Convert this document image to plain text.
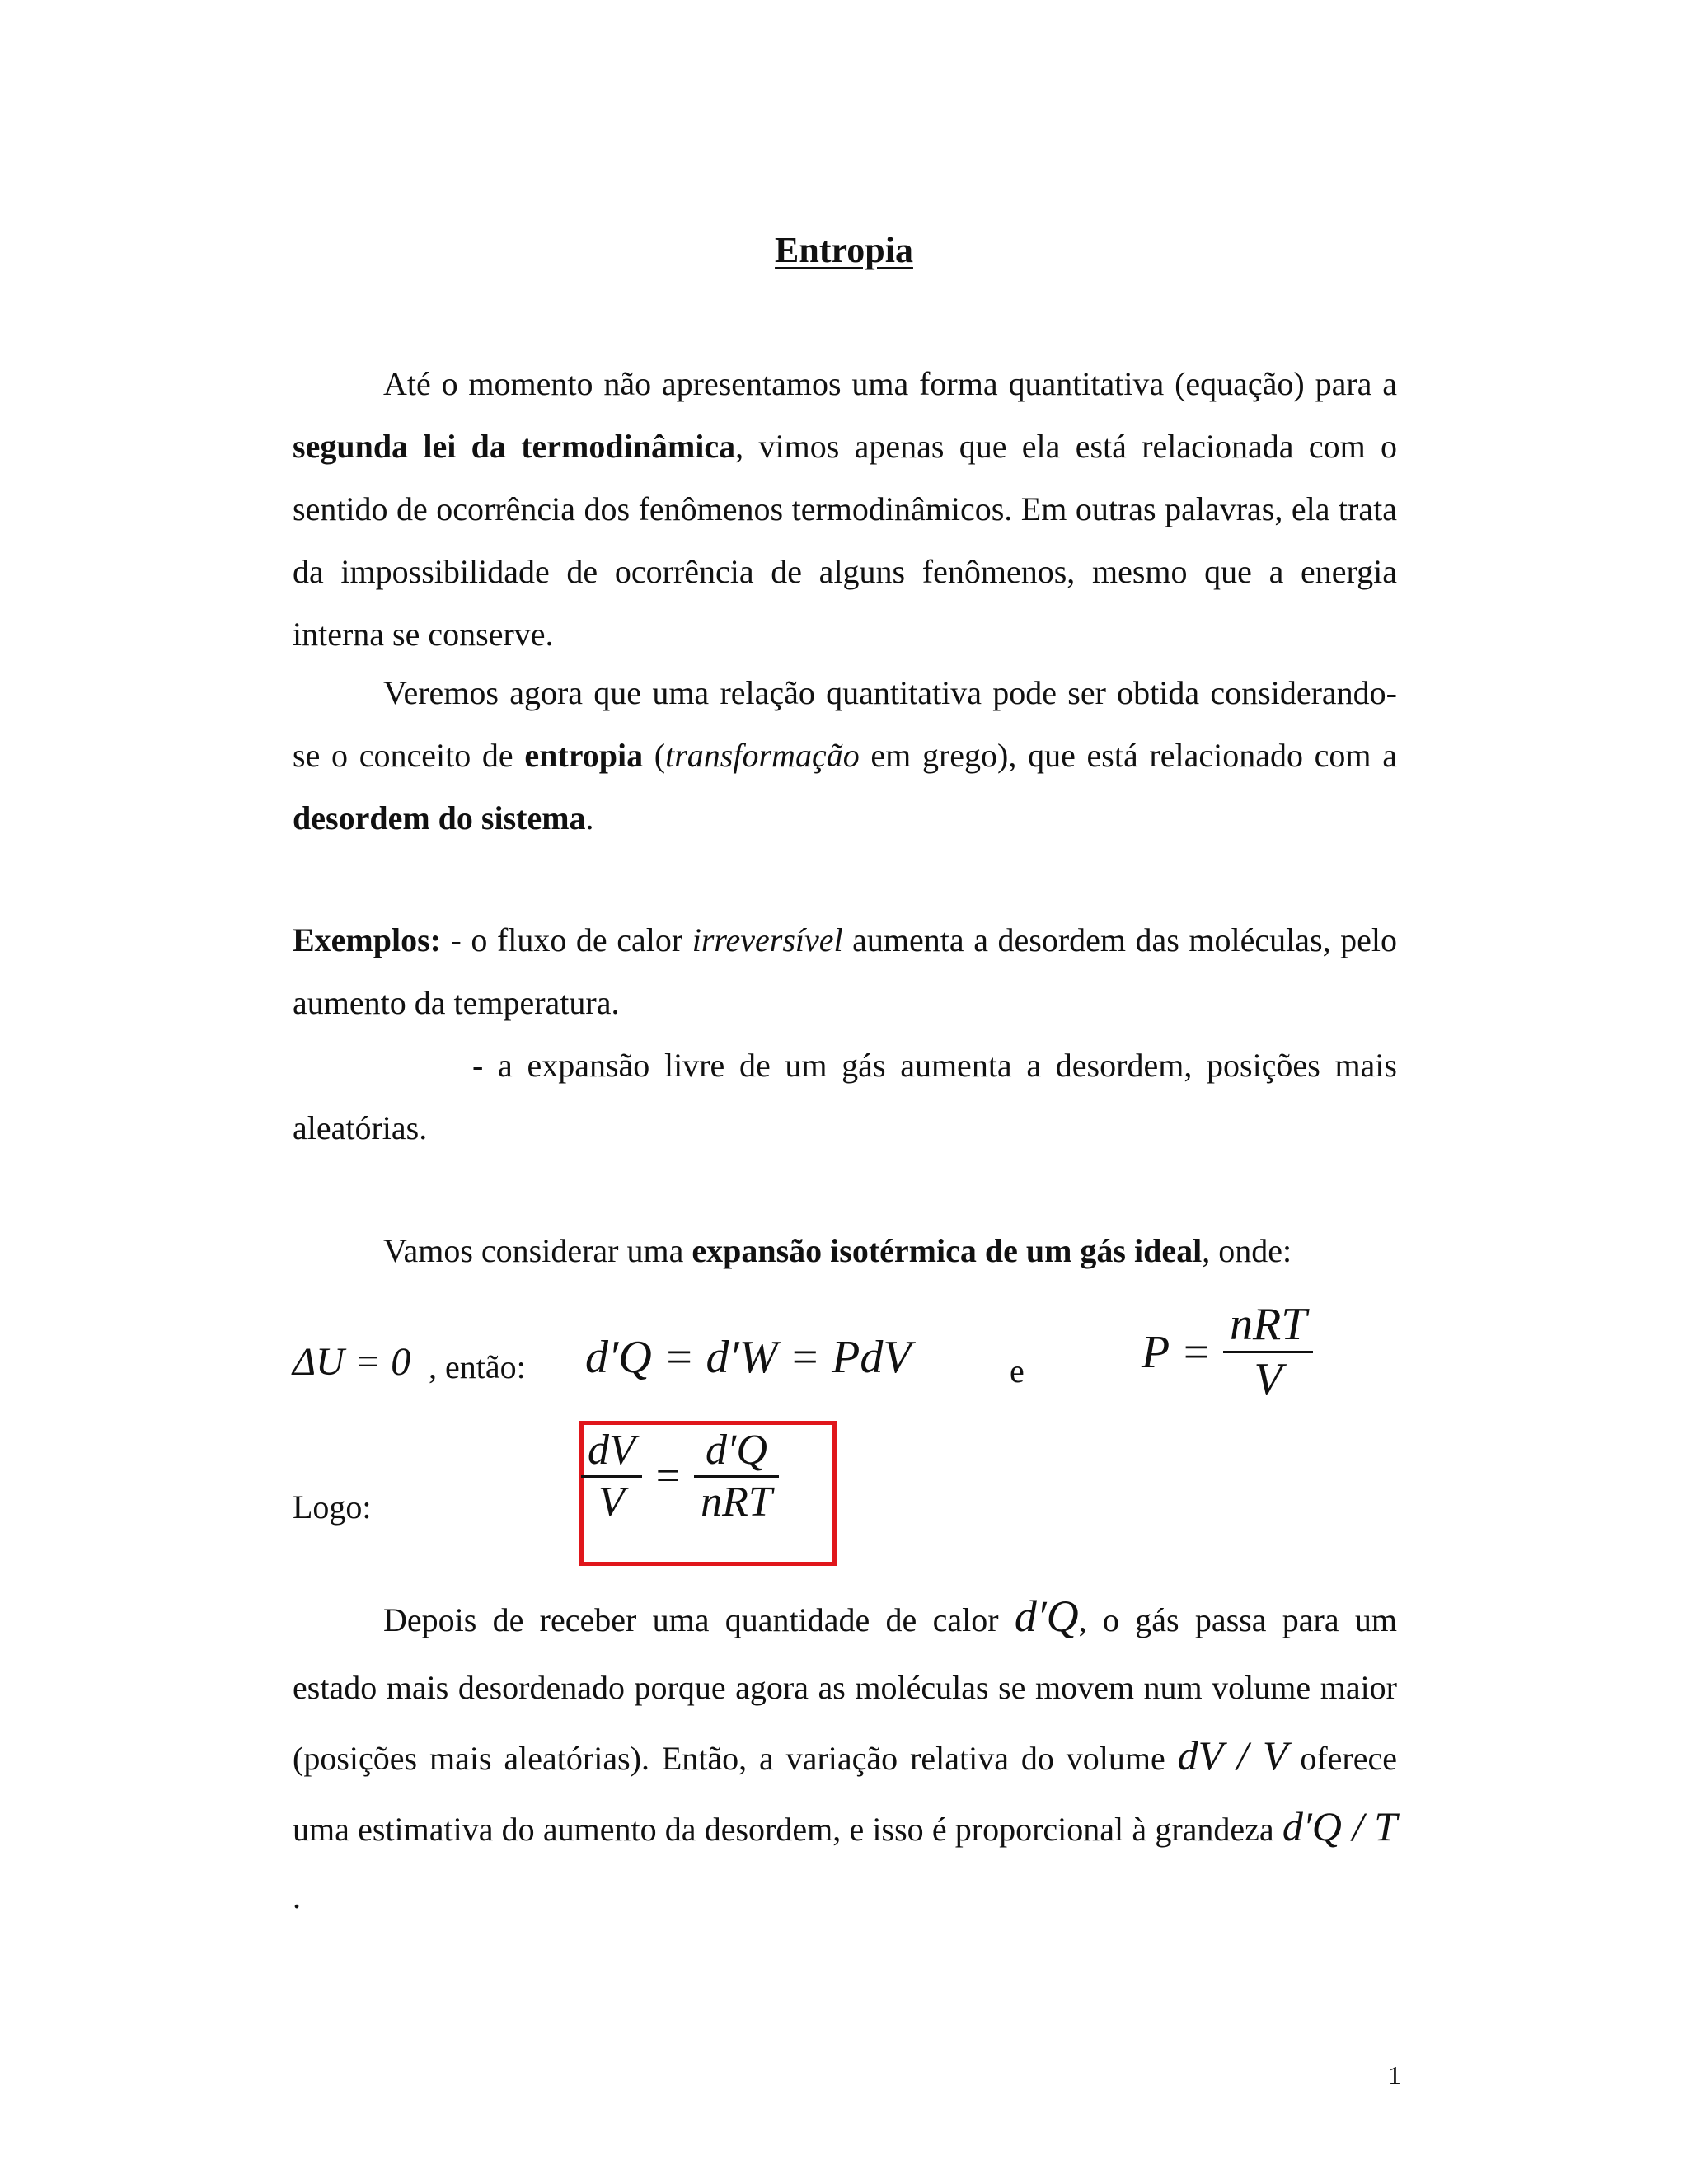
Entropia
Até o momento não apresentamos uma forma quantitativa (equação) para a segunda lei da termodinâmica, vimos apenas que ela está relacionada com o sentido de ocorrência dos fenômenos termodinâmicos. Em outras palavras, ela trata da impossibilidade de ocorrência de alguns fenômenos, mesmo que a energia interna se conserve.
Veremos agora que uma relação quantitativa pode ser obtida considerando-se o conceito de entropia (transformação em grego), que está relacionado com a desordem do sistema.
Exemplos: - o fluxo de calor irreversível aumenta a desordem das moléculas, pelo aumento da temperatura.
- a expansão livre de um gás aumenta a desordem, posições mais aleatórias.
Vamos considerar uma expansão isotérmica de um gás ideal, onde:
ΔU = 0 , então: d′Q = d′W = PdV	e	$P = \frac{\text{nRT}}{V}$
Logo:	$\frac{dV}{V} = \frac{d'Q}{\text{nRT}}$
Depois de receber uma quantidade de calor d′Q, o gás passa para um estado mais desordenado porque agora as moléculas se movem num volume maior (posições mais aleatórias). Então, a variação relativa do volume dV / V oferece uma estimativa do aumento da desordem, e isso é proporcional à grandeza d′Q / T .
1
